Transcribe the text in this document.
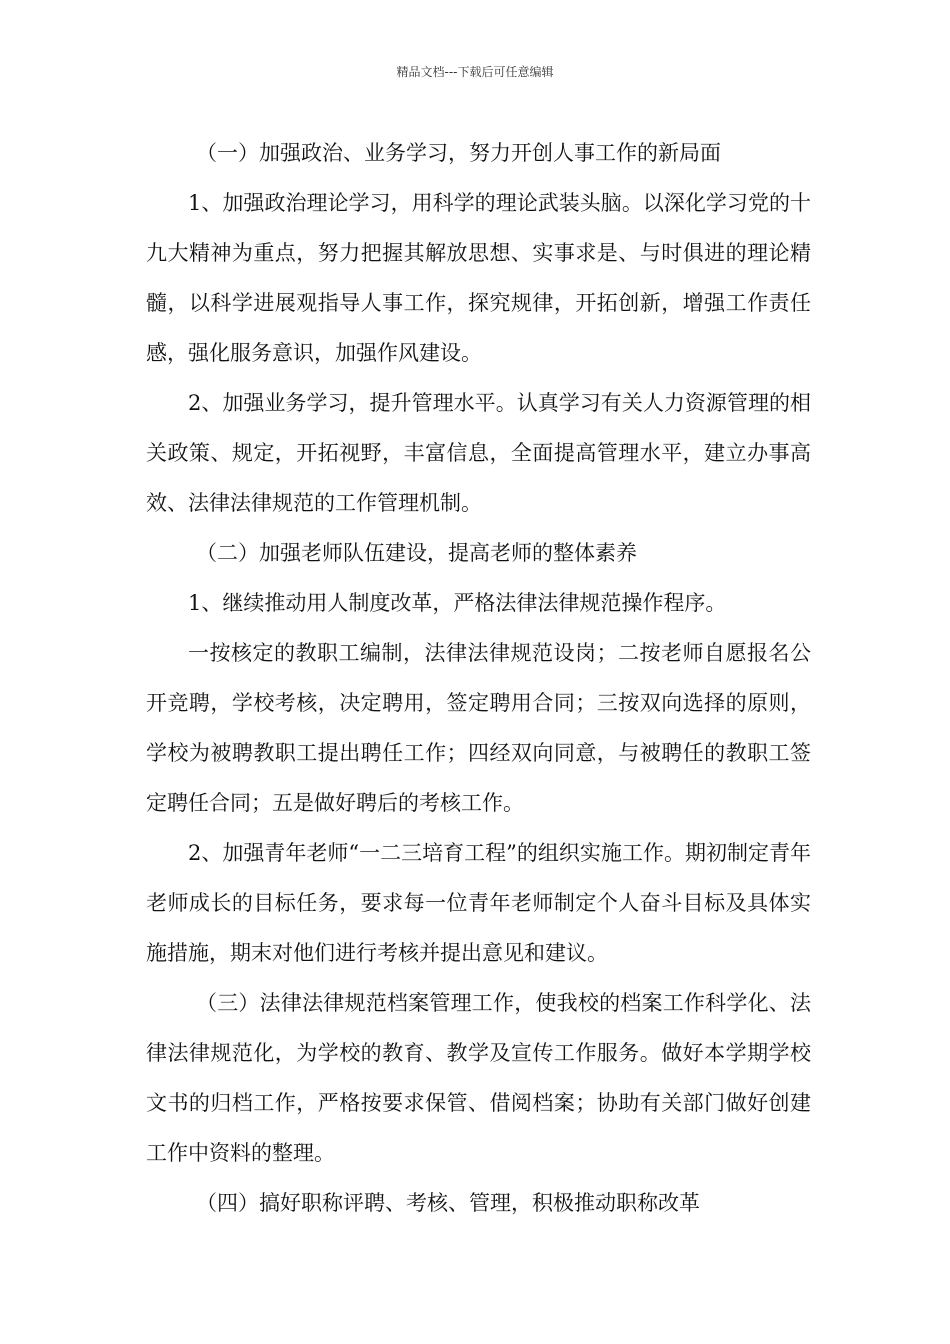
精品文档---下载后可任意编辑

（一）加强政治、业务学习，努力开创人事工作的新局面

1、加强政治理论学习，用科学的理论武装头脑。以深化学习党的十九大精神为重点，努力把握其解放思想、实事求是、与时俱进的理论精髓，以科学进展观指导人事工作，探究规律，开拓创新，增强工作责任感，强化服务意识，加强作风建设。

2、加强业务学习，提升管理水平。认真学习有关人力资源管理的相关政策、规定，开拓视野，丰富信息，全面提高管理水平，建立办事高效、法律法律规范的工作管理机制。

（二）加强老师队伍建设，提高老师的整体素养

1、继续推动用人制度改革，严格法律法律规范操作程序。

一按核定的教职工编制，法律法律规范设岗；二按老师自愿报名公开竞聘，学校考核，决定聘用，签定聘用合同；三按双向选择的原则，学校为被聘教职工提出聘任工作；四经双向同意，与被聘任的教职工签定聘任合同；五是做好聘后的考核工作。

2、加强青年老师“一二三培育工程”的组织实施工作。期初制定青年老师成长的目标任务，要求每一位青年老师制定个人奋斗目标及具体实施措施，期末对他们进行考核并提出意见和建议。

（三）法律法律规范档案管理工作，使我校的档案工作科学化、法律法律规范化，为学校的教育、教学及宣传工作服务。做好本学期学校文书的归档工作，严格按要求保管、借阅档案；协助有关部门做好创建工作中资料的整理。

（四）搞好职称评聘、考核、管理，积极推动职称改革
